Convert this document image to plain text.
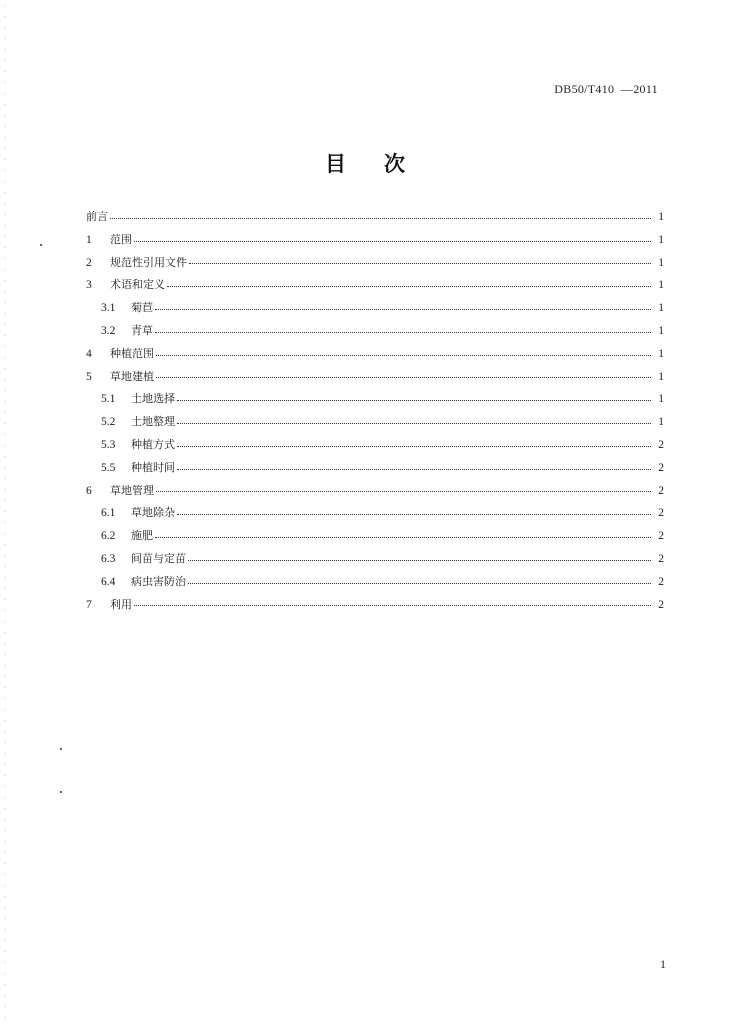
DB50/T410  —2011
目次
前言	1
1	范围	1
2	规范性引用文件	1
3	术语和定义	1
3.1	菊苣	1
3.2	青草	1
4	种植范围	1
5	草地建植	1
5.1	土地选择	1
5.2	土地整理	1
5.3	种植方式	2
5.5	种植时间	2
6	草地管理	2
6.1	草地除杂	2
6.2	施肥	2
6.3	间苗与定苗	2
6.4	病虫害防治	2
7	利用	2
1
